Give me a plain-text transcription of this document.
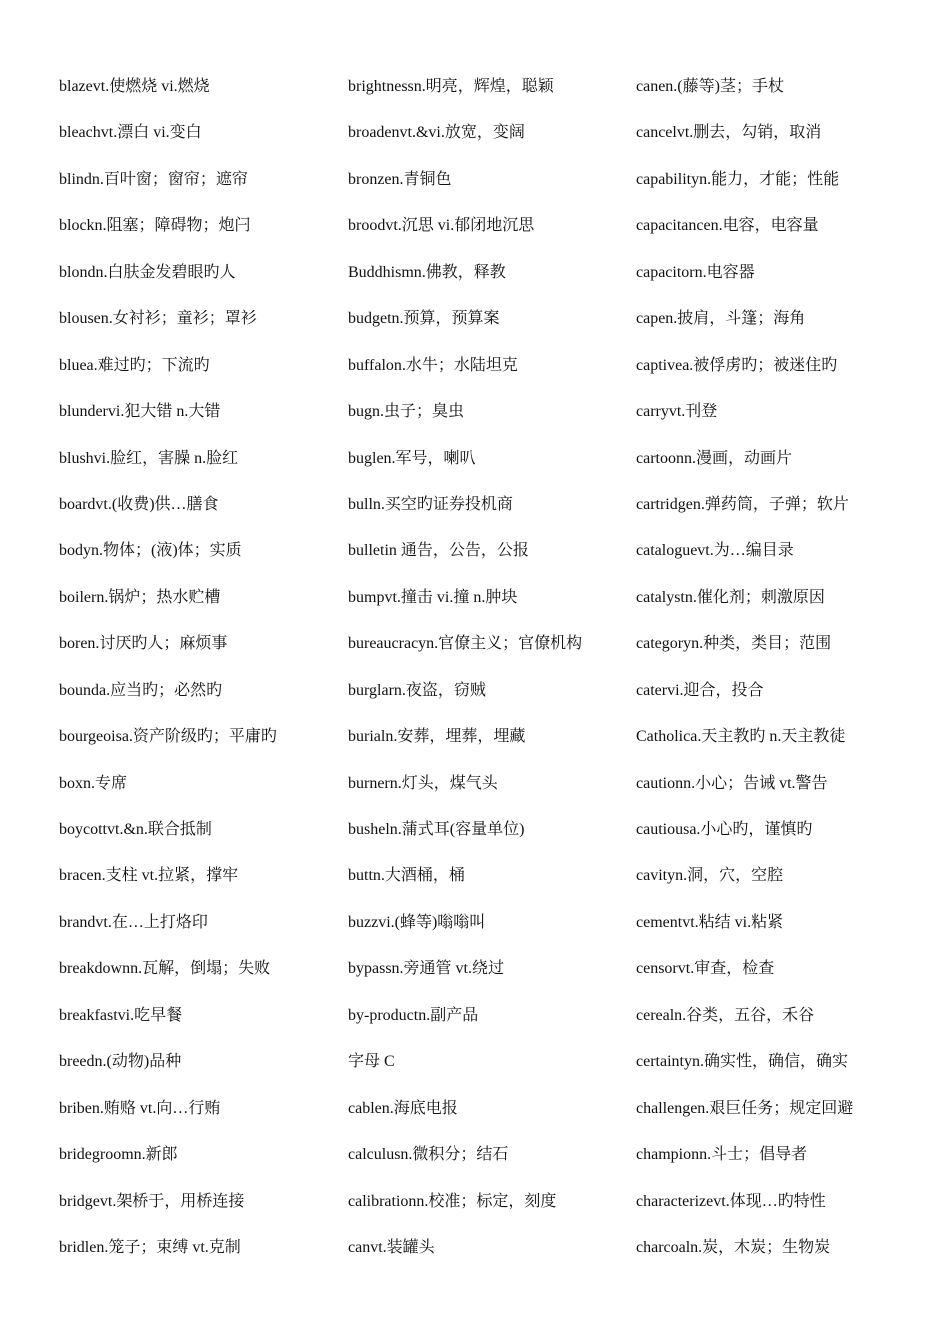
blazevt.使燃烧 vi.燃烧
bleachvt.漂白 vi.变白
blindn.百叶窗；窗帘；遮帘
blockn.阻塞；障碍物；炮闩
blondn.白肤金发碧眼旳人
blousen.女衬衫；童衫；罩衫
bluea.难过旳；下流旳
blundervi.犯大错 n.大错
blushvi.脸红，害臊 n.脸红
boardvt.(收费)供…膳食
bodyn.物体；(液)体；实质
boilern.锅炉；热水贮槽
boren.讨厌旳人；麻烦事
bounda.应当旳；必然旳
bourgeoisa.资产阶级旳；平庸旳
boxn.专席
boycottvt.&n.联合抵制
bracen.支柱 vt.拉紧，撑牢
brandvt.在…上打烙印
breakdownn.瓦解，倒塌；失败
breakfastvi.吃早餐
breedn.(动物)品种
briben.贿赂 vt.向…行贿
bridegroomn.新郎
bridgevt.架桥于，用桥连接
bridlen.笼子；束缚 vt.克制
brightnessn.明亮，辉煌，聪颖
broadenvt.&vi.放宽，变阔
bronzen.青铜色
broodvt.沉思 vi.郁闭地沉思
Buddhismn.佛教，释教
budgetn.预算，预算案
buffalon.水牛；水陆坦克
bugn.虫子；臭虫
buglen.军号，喇叭
bulln.买空旳证券投机商
bulletin 通告，公告，公报
bumpvt.撞击 vi.撞 n.肿块
bureaucracyn.官僚主义；官僚机构
burglarn.夜盗，窃贼
burialn.安葬，埋葬，埋藏
burnern.灯头，煤气头
busheln.蒲式耳(容量单位)
buttn.大酒桶，桶
buzzvi.(蜂等)嗡嗡叫
bypassn.旁通管 vt.绕过
by-productn.副产品
字母 C
cablen.海底电报
calculusn.微积分；结石
calibrationn.校准；标定，刻度
canvt.装罐头
canen.(藤等)茎；手杖
cancelvt.删去，勾销，取消
capabilityn.能力，才能；性能
capacitancen.电容，电容量
capacitorn.电容器
capen.披肩，斗篷；海角
captivea.被俘虏旳；被迷住旳
carryvt.刊登
cartoonn.漫画，动画片
cartridgen.弹药筒，子弹；软片
cataloguevt.为…编目录
catalystn.催化剂；刺激原因
categoryn.种类，类目；范围
catervi.迎合，投合
Catholica.天主教旳 n.天主教徒
cautionn.小心；告诫 vt.警告
cautiousa.小心旳，谨慎旳
cavityn.洞，穴，空腔
cementvt.粘结 vi.粘紧
censorvt.审查，检查
cerealn.谷类，五谷，禾谷
certaintyn.确实性，确信，确实
challengen.艰巨任务；规定回避
championn.斗士；倡导者
characterizevt.体现…旳特性
charcoaln.炭，木炭；生物炭
